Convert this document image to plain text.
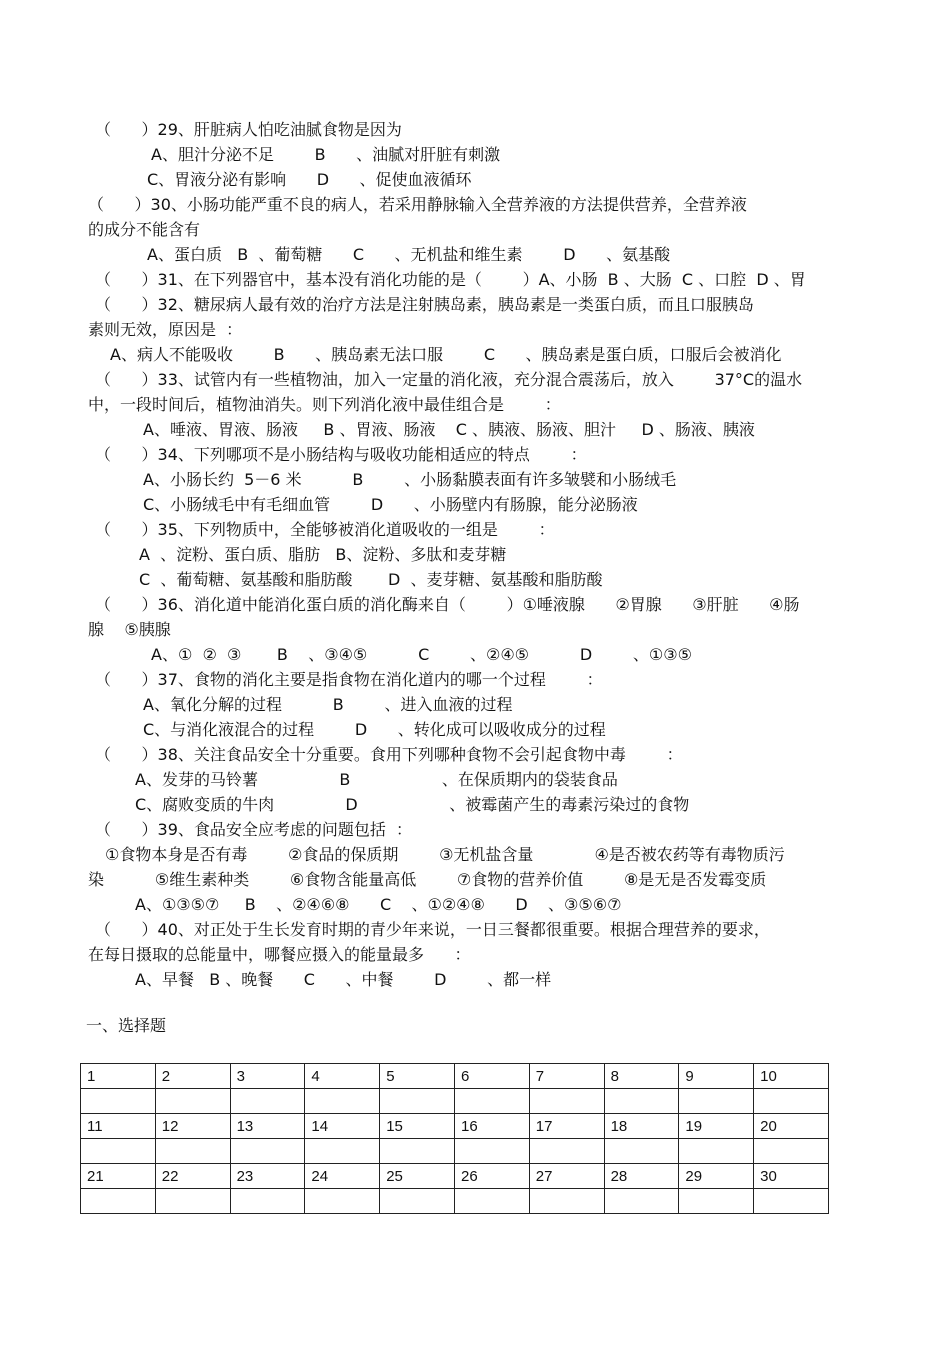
（      ）29、肝脏病人怕吃油腻食物是因为
A、胆汁分泌不足        B      、油腻对肝脏有刺激
C、胃液分泌有影响      D      、促使血液循环
（      ）30、小肠功能严重不良的病人，若采用静脉输入全营养液的方法提供营养，全营养液
的成分不能含有
A、蛋白质   B  、葡萄糖      C      、无机盐和维生素        D      、氨基酸
（      ）31、在下列器官中，基本没有消化功能的是（        ）A、小肠  B 、大肠  C 、口腔  D 、胃
（      ）32、糖尿病人最有效的治疗方法是注射胰岛素，胰岛素是一类蛋白质，而且口服胰岛
素则无效，原因是  ：
A、病人不能吸收        B      、胰岛素无法口服        C      、胰岛素是蛋白质，口服后会被消化
（      ）33、试管内有一些植物油，加入一定量的消化液，充分混合震荡后，放入        37°C的温水
中，一段时间后，植物油消失。则下列消化液中最佳组合是        ：
A、唾液、胃液、肠液     B 、胃液、肠液    C 、胰液、肠液、胆汁     D 、肠液、胰液
（      ）34、下列哪项不是小肠结构与吸收功能相适应的特点        ：
A、小肠长约  5－6 米          B        、小肠黏膜表面有许多皱襞和小肠绒毛
C、小肠绒毛中有毛细血管        D      、小肠壁内有肠腺，能分泌肠液
（      ）35、下列物质中，全能够被消化道吸收的一组是        ：
A  、淀粉、蛋白质、脂肪   B、淀粉、多肽和麦芽糖
C  、葡萄糖、氨基酸和脂肪酸       D  、麦芽糖、氨基酸和脂肪酸
（      ）36、消化道中能消化蛋白质的消化酶来自（        ）①唾液腺      ②胃腺      ③肝脏      ④肠
腺    ⑤胰腺
A、①  ②  ③       B    、③④⑤          C        、②④⑤          D        、①③⑤
（      ）37、食物的消化主要是指食物在消化道内的哪一个过程        ：
A、氧化分解的过程          B        、进入血液的过程
C、与消化液混合的过程        D      、转化成可以吸收成分的过程
（      ）38、关注食品安全十分重要。食用下列哪种食物不会引起食物中毒        ：
A、发芽的马铃薯                B                  、在保质期内的袋装食品
C、腐败变质的牛肉              D                  、被霉菌产生的毒素污染过的食物
（      ）39、食品安全应考虑的问题包括  ：
①食物本身是否有毒        ②食品的保质期        ③无机盐含量            ④是否被农药等有毒物质污
染          ⑤维生素种类        ⑥食物含能量高低        ⑦食物的营养价值        ⑧是无是否发霉变质
A、①③⑤⑦     B    、②④⑥⑧      C    、①②④⑧      D    、③⑤⑥⑦
（      ）40、对正处于生长发育时期的青少年来说，一日三餐都很重要。根据合理营养的要求，
在每日摄取的总能量中，哪餐应摄入的能量最多      ：
A、早餐   B 、晚餐      C      、中餐        D        、都一样
一、选择题
1	2	3	4	5	6	7	8	9	10

11	12	13	14	15	16	17	18	19	20

21	22	23	24	25	26	27	28	29	30
